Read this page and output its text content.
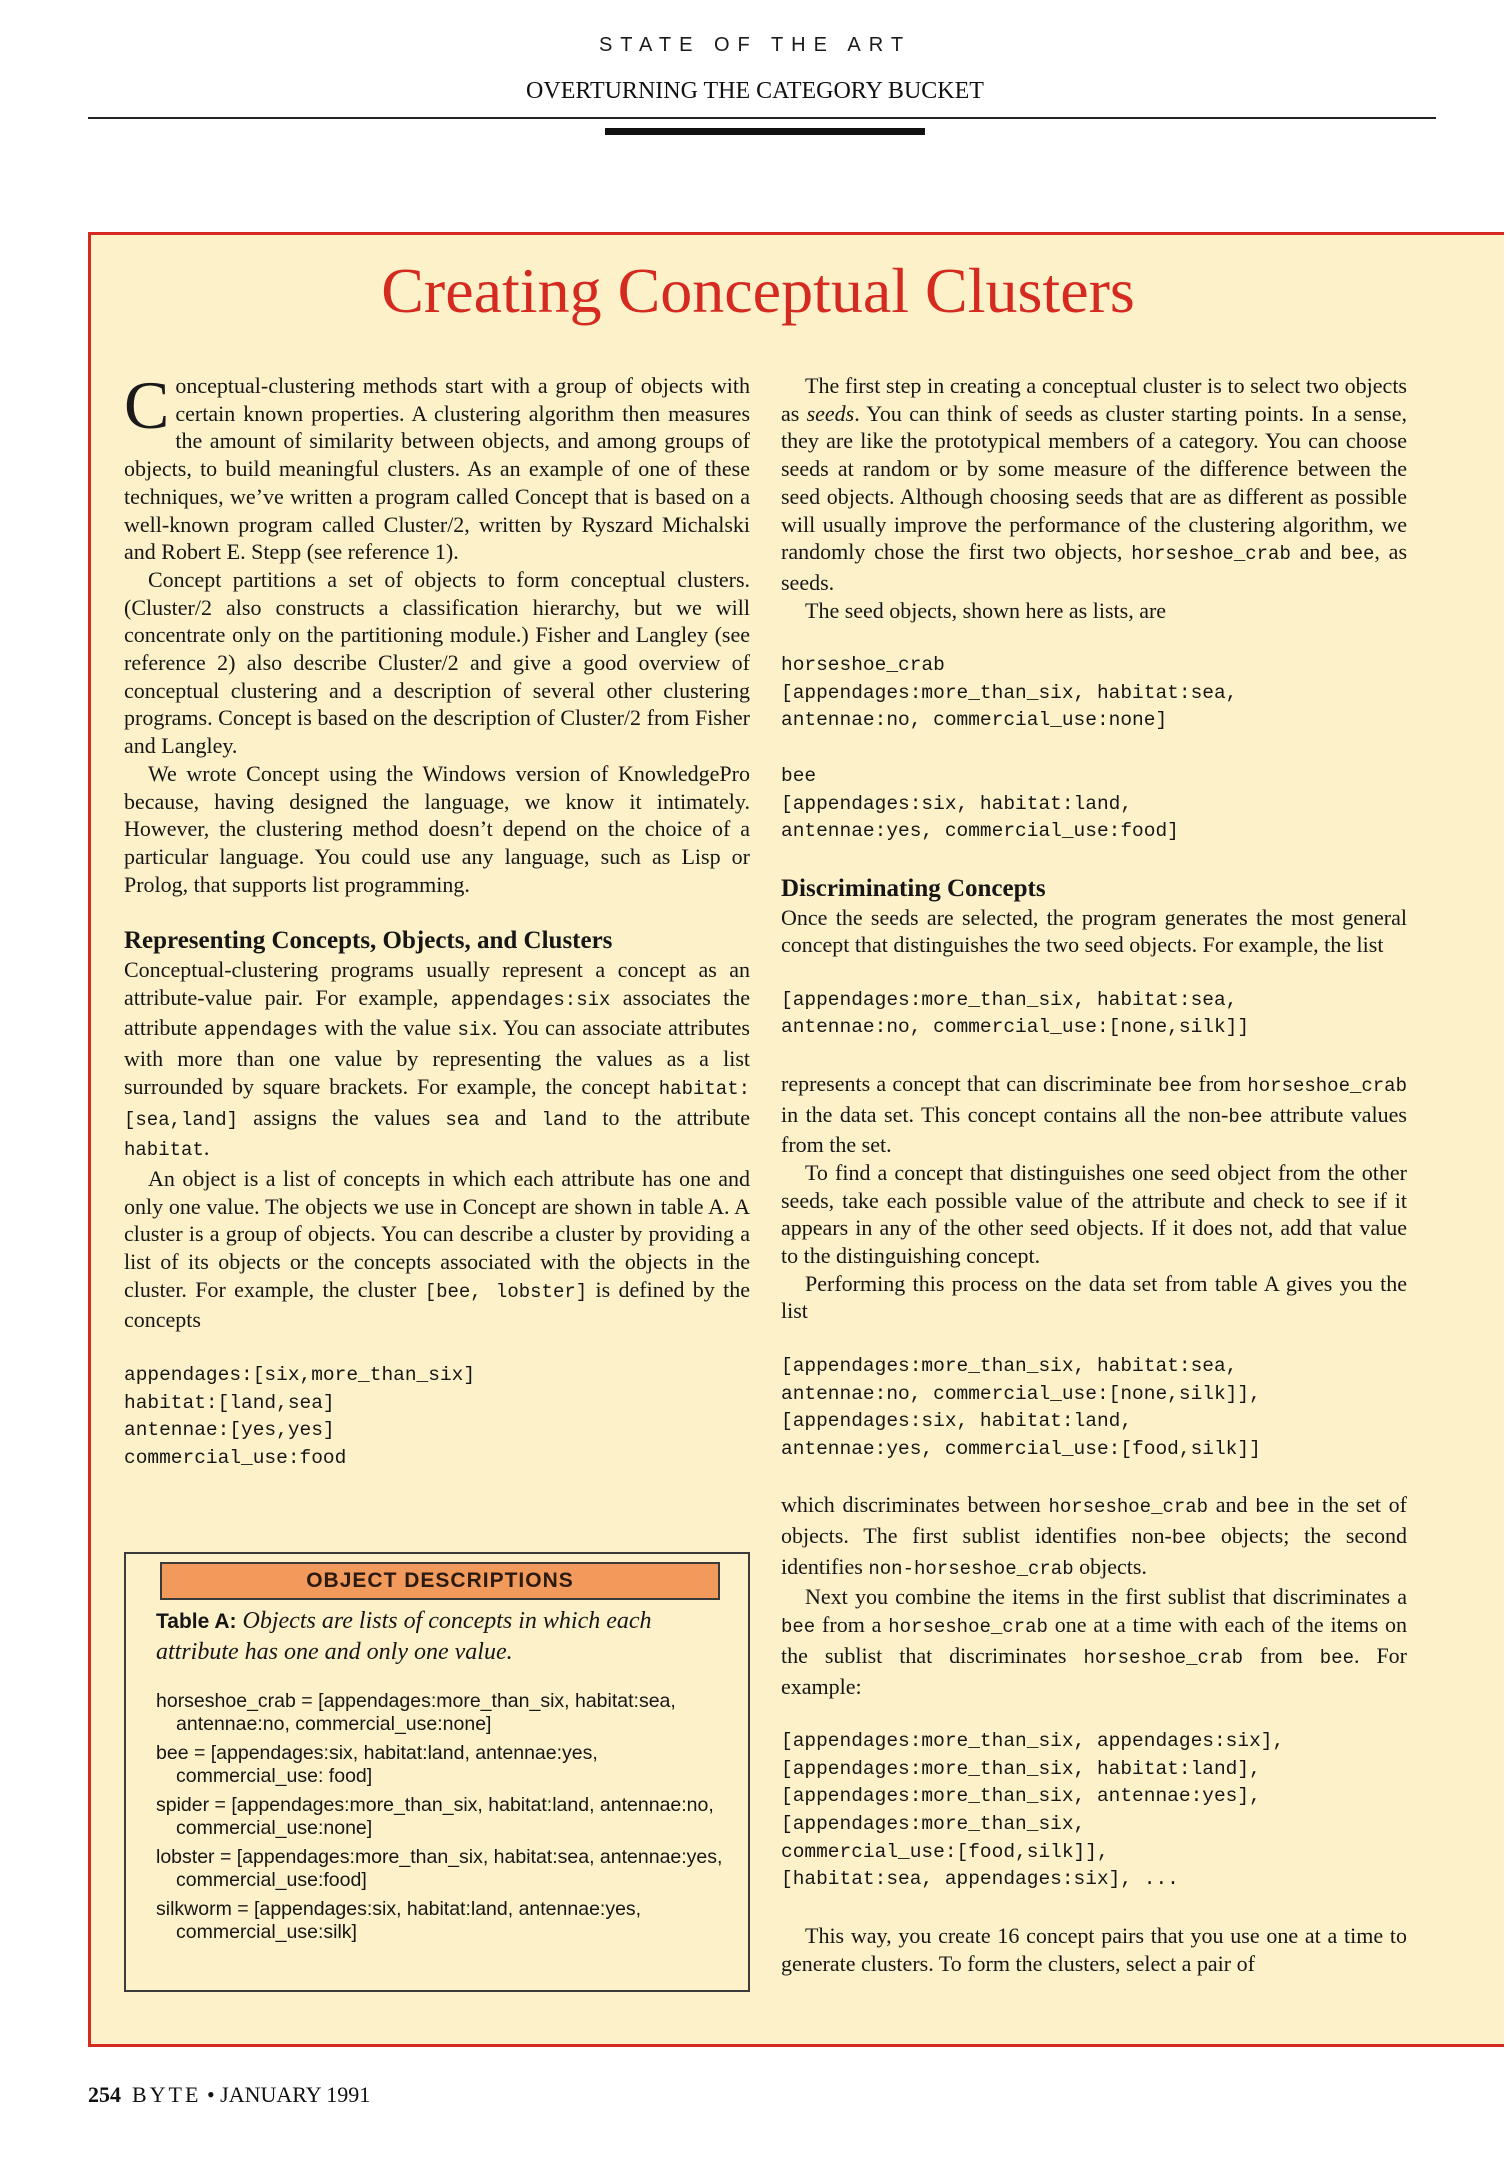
STATE OF THE ART
OVERTURNING THE CATEGORY BUCKET
Creating Conceptual Clusters

Conceptual-clustering methods start with a group of objects with certain known properties. A clustering algorithm then measures the amount of similarity between objects, and among groups of objects, to build meaningful clusters. As an example of one of these techniques, we’ve written a program called Concept that is based on a well-known program called Cluster/2, written by Ryszard Michalski and Robert E. Stepp (see reference 1).

Concept partitions a set of objects to form conceptual clusters. (Cluster/2 also constructs a classification hierarchy, but we will concentrate only on the partitioning module.) Fisher and Langley (see reference 2) also describe Cluster/2 and give a good overview of conceptual clustering and a description of several other clustering programs. Concept is based on the description of Cluster/2 from Fisher and Langley.

We wrote Concept using the Windows version of KnowledgePro because, having designed the language, we know it intimately. However, the clustering method doesn’t depend on the choice of a particular language. You could use any language, such as Lisp or Prolog, that supports list programming.

Representing Concepts, Objects, and Clusters

Conceptual-clustering programs usually represent a concept as an attribute-value pair. For example, appendages:six associates the attribute appendages with the value six. You can associate attributes with more than one value by representing the values as a list surrounded by square brackets. For example, the concept habitat:[sea,land] assigns the values sea and land to the attribute habitat.

An object is a list of concepts in which each attribute has one and only one value. The objects we use in Concept are shown in table A. A cluster is a group of objects. You can describe a cluster by providing a list of its objects or the concepts associated with the objects in the cluster. For example, the cluster [bee, lobster] is defined by the concepts

appendages:[six,more_than_six]
habitat:[land,sea]
antennae:[yes,yes]
commercial_use:food
OBJECT DESCRIPTIONS
Table A: Objects are lists of concepts in which each attribute has one and only one value.
horseshoe_crab = [appendages:more_than_six, habitat:sea, antennae:no, commercial_use:none]
bee = [appendages:six, habitat:land, antennae:yes, commercial_use: food]
spider = [appendages:more_than_six, habitat:land, antennae:no, commercial_use:none]
lobster = [appendages:more_than_six, habitat:sea, antennae:yes, commercial_use:food]
silkworm = [appendages:six, habitat:land, antennae:yes, commercial_use:silk]

The first step in creating a conceptual cluster is to select two objects as seeds. You can think of seeds as cluster starting points. In a sense, they are like the prototypical members of a category. You can choose seeds at random or by some measure of the difference between the seed objects. Although choosing seeds that are as different as possible will usually improve the performance of the clustering algorithm, we randomly chose the first two objects, horseshoe_crab and bee, as seeds.

The seed objects, shown here as lists, are

horseshoe_crab
[appendages:more_than_six, habitat:sea,
antennae:no, commercial_use:none]
bee
[appendages:six, habitat:land,
antennae:yes, commercial_use:food]
Discriminating Concepts

Once the seeds are selected, the program generates the most general concept that distinguishes the two seed objects. For example, the list

[appendages:more_than_six, habitat:sea,
antennae:no, commercial_use:[none,silk]]

represents a concept that can discriminate bee from horseshoe_crab in the data set. This concept contains all the non-bee attribute values from the set.

To find a concept that distinguishes one seed object from the other seeds, take each possible value of the attribute and check to see if it appears in any of the other seed objects. If it does not, add that value to the distinguishing concept.

Performing this process on the data set from table A gives you the list

[appendages:more_than_six, habitat:sea,
antennae:no, commercial_use:[none,silk]],
[appendages:six, habitat:land,
antennae:yes, commercial_use:[food,silk]]

which discriminates between horseshoe_crab and bee in the set of objects. The first sublist identifies non-bee objects; the second identifies non-horseshoe_crab objects.

Next you combine the items in the first sublist that discriminates a bee from a horseshoe_crab one at a time with each of the items on the sublist that discriminates horseshoe_crab from bee. For example:

[appendages:more_than_six, appendages:six],
[appendages:more_than_six, habitat:land],
[appendages:more_than_six, antennae:yes],
[appendages:more_than_six,
commercial_use:[food,silk]],
[habitat:sea, appendages:six], ...

This way, you create 16 concept pairs that you use one at a time to generate clusters. To form the clusters, select a pair of

254 BYTE • JANUARY 1991
